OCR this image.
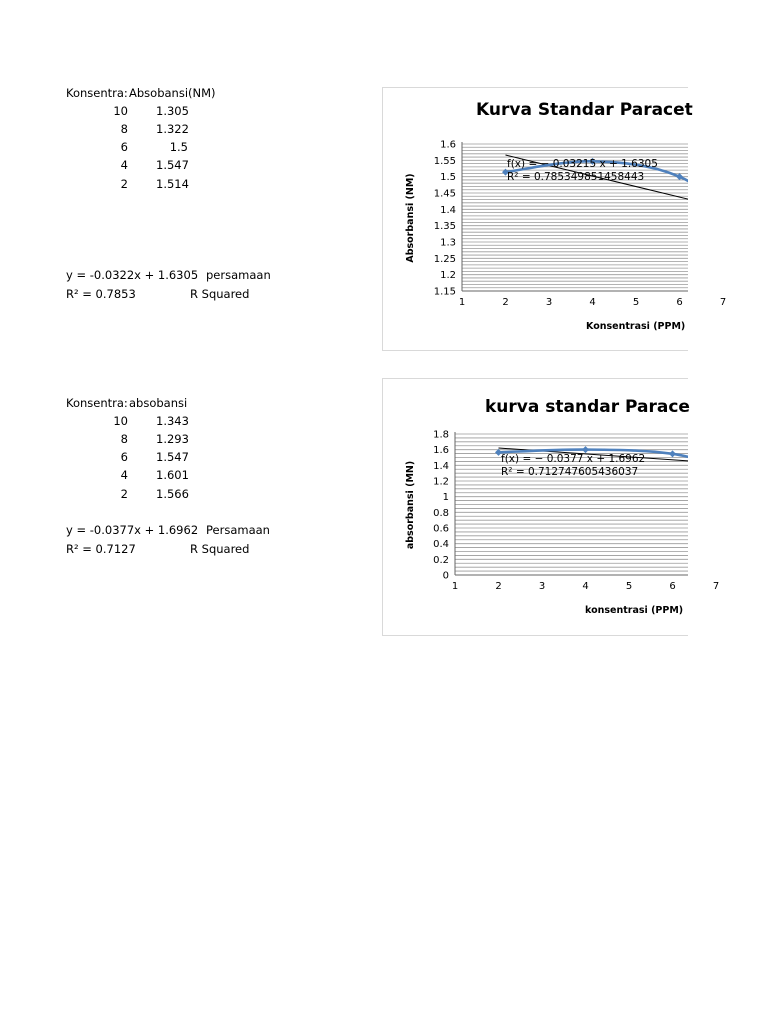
Konsentra: Absobansi(NM)
10 1.305
8 1.322
6	1.5
4 1.547
2 1.514
y = -0.0322x + 1.6305 persamaan
R² = 0.7853	R Squared
Konsentra: absobansi
10 1.343
8 1.293
6 1.547
4 1.601
2 1.566
y = -0.0377x + 1.6962 Persamaan
R² = 0.7127	R Squared
Kurva Standar Paracet
1.6
1.55
1.5
1.45
1.4
1.35
1.3
1.25
1.2
1.15
1	2	3	4	5	6	7
Konsentrasi (PPM)
Absorbansi (NM)
f(x) = − 0.03215 x + 1.6305
R² = 0.785349851458443
kurva standar Parace
1.8
1.6
1.4
1.2
1
0.8
0.6
0.4
0.2
0
1	2	3	4	5	6	7
konsentrasi (PPM)
absorbansi (MN)
f(x) = − 0.0377 x + 1.6962
R² = 0.712747605436037
